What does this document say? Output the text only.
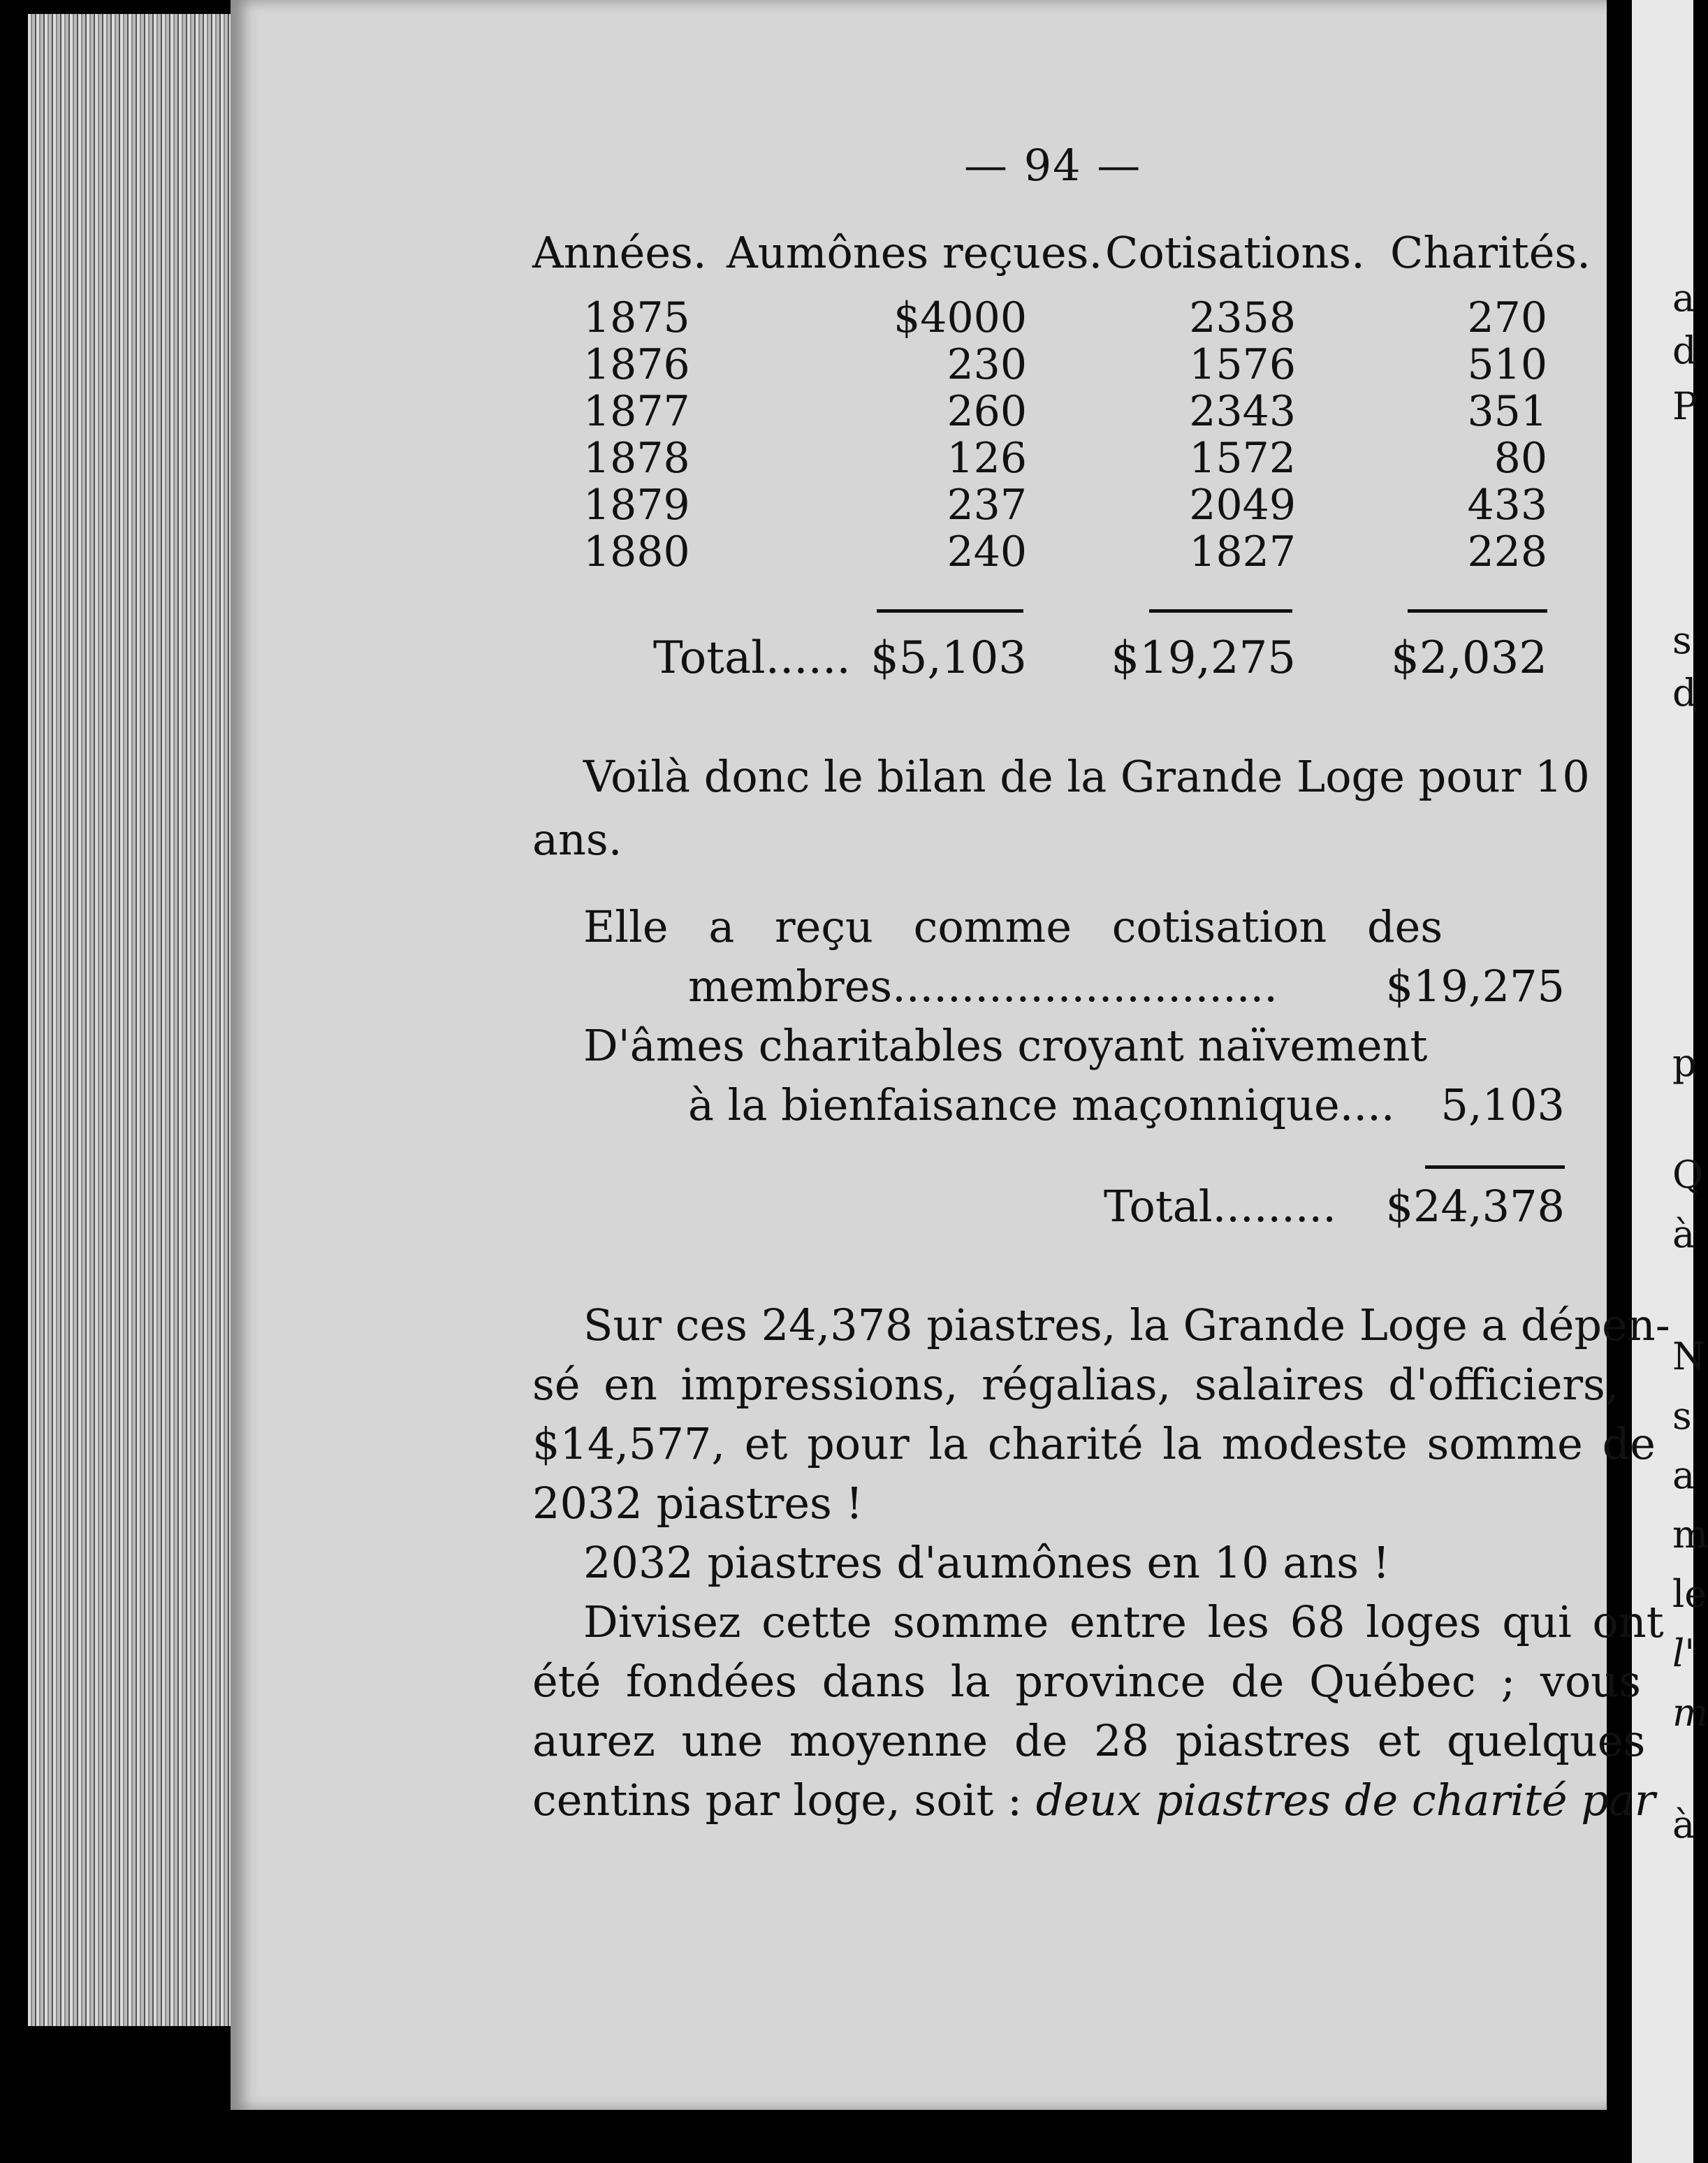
a
d
P
s
d
p
Q
à
N
s
a
m
le
l'
m
à
— 94 —
Années. Aumônes reçues. Cotisations. Charités.
1875	$4000	2358	270
1876	230	1576	510
1877	260	2343	351
1878	126	1572	80
1879	237	2049	433
1880	240	1827	228
Total...... $5,103	$19,275	$2,032
Voilà donc le bilan de la Grande Loge pour 10
ans.
Elle a reçu comme cotisation des
membres............................	$19,275
D'âmes charitables croyant naïvement
à la bienfaisance maçonnique....	5,103
Total.........	$24,378
Sur ces 24,378 piastres, la Grande Loge a dépen-
sé en impressions, régalias, salaires d'officiers,
$14,577, et pour la charité la modeste somme de
2032 piastres !
2032 piastres d'aumônes en 10 ans !
Divisez cette somme entre les 68 loges qui ont
été fondées dans la province de Québec ; vous
aurez une moyenne de 28 piastres et quelques
centins par loge, soit : deux piastres de charité par
